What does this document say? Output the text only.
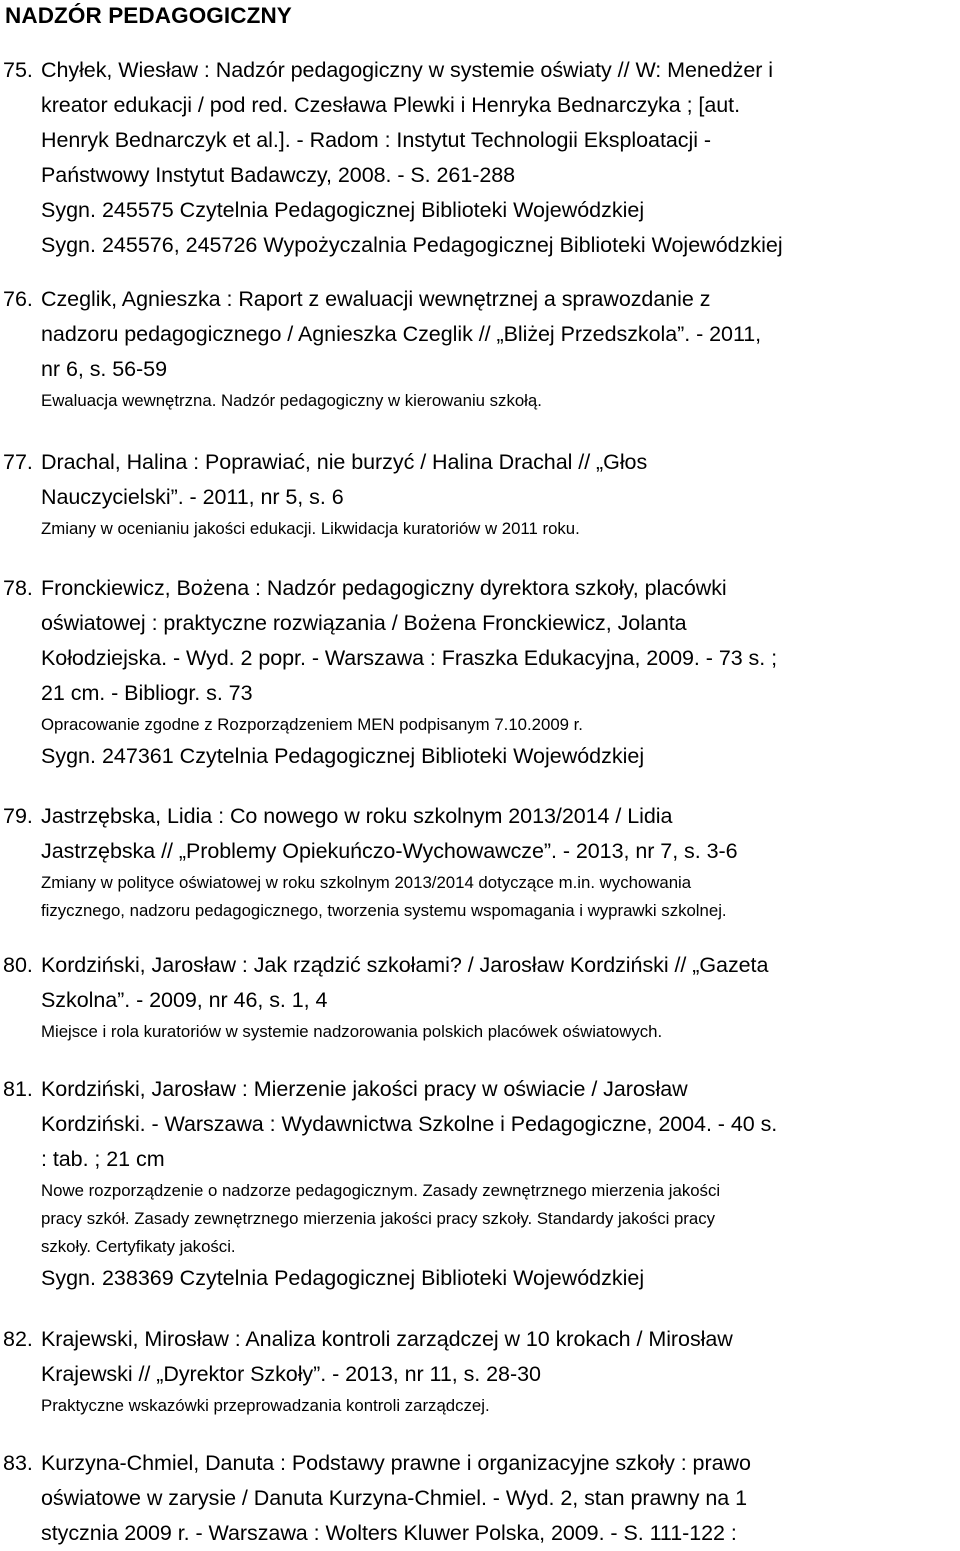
NADZÓR PEDAGOGICZNY
75. Chyłek, Wiesław : Nadzór pedagogiczny w systemie oświaty // W: Menedżer i
kreator edukacji / pod red. Czesława Plewki i Henryka Bednarczyka ; [aut.
Henryk Bednarczyk et al.]. - Radom : Instytut Technologii Eksploatacji -
Państwowy Instytut Badawczy, 2008. - S. 261-288
Sygn. 245575 Czytelnia Pedagogicznej Biblioteki Wojewódzkiej
Sygn. 245576, 245726 Wypożyczalnia Pedagogicznej Biblioteki Wojewódzkiej
76. Czeglik, Agnieszka : Raport z ewaluacji wewnętrznej a sprawozdanie z
nadzoru pedagogicznego / Agnieszka Czeglik // „Bliżej Przedszkola”. - 2011,
nr 6, s. 56-59
Ewaluacja wewnętrzna. Nadzór pedagogiczny w kierowaniu szkołą.
77. Drachal, Halina : Poprawiać, nie burzyć / Halina Drachal // „Głos
Nauczycielski”. - 2011, nr 5, s. 6
Zmiany w ocenianiu jakości edukacji. Likwidacja kuratoriów w 2011 roku.
78. Fronckiewicz, Bożena : Nadzór pedagogiczny dyrektora szkoły, placówki
oświatowej : praktyczne rozwiązania / Bożena Fronckiewicz, Jolanta
Kołodziejska. - Wyd. 2 popr. - Warszawa : Fraszka Edukacyjna, 2009. - 73 s. ;
21 cm. - Bibliogr. s. 73
Opracowanie zgodne z Rozporządzeniem MEN podpisanym 7.10.2009 r.
Sygn. 247361 Czytelnia Pedagogicznej Biblioteki Wojewódzkiej
79. Jastrzębska, Lidia : Co nowego w roku szkolnym 2013/2014 / Lidia
Jastrzębska // „Problemy Opiekuńczo-Wychowawcze”. - 2013, nr 7, s. 3-6
Zmiany w polityce oświatowej w roku szkolnym 2013/2014 dotyczące m.in. wychowania
fizycznego, nadzoru pedagogicznego, tworzenia systemu wspomagania i wyprawki szkolnej.
80. Kordziński, Jarosław : Jak rządzić szkołami? / Jarosław Kordziński // „Gazeta
Szkolna”. - 2009, nr 46, s. 1, 4
Miejsce i rola kuratoriów w systemie nadzorowania polskich placówek oświatowych.
81. Kordziński, Jarosław : Mierzenie jakości pracy w oświacie / Jarosław
Kordziński. - Warszawa : Wydawnictwa Szkolne i Pedagogiczne, 2004. - 40 s.
: tab. ; 21 cm
Nowe rozporządzenie o nadzorze pedagogicznym. Zasady zewnętrznego mierzenia jakości
pracy szkół. Zasady zewnętrznego mierzenia jakości pracy szkoły. Standardy jakości pracy
szkoły. Certyfikaty jakości.
Sygn. 238369 Czytelnia Pedagogicznej Biblioteki Wojewódzkiej
82. Krajewski, Mirosław : Analiza kontroli zarządczej w 10 krokach / Mirosław
Krajewski // „Dyrektor Szkoły”. - 2013, nr 11, s. 28-30
Praktyczne wskazówki przeprowadzania kontroli zarządczej.
83. Kurzyna-Chmiel, Danuta : Podstawy prawne i organizacyjne szkoły : prawo
oświatowe w zarysie / Danuta Kurzyna-Chmiel. - Wyd. 2, stan prawny na 1
stycznia 2009 r. - Warszawa : Wolters Kluwer Polska, 2009. - S. 111-122 :
